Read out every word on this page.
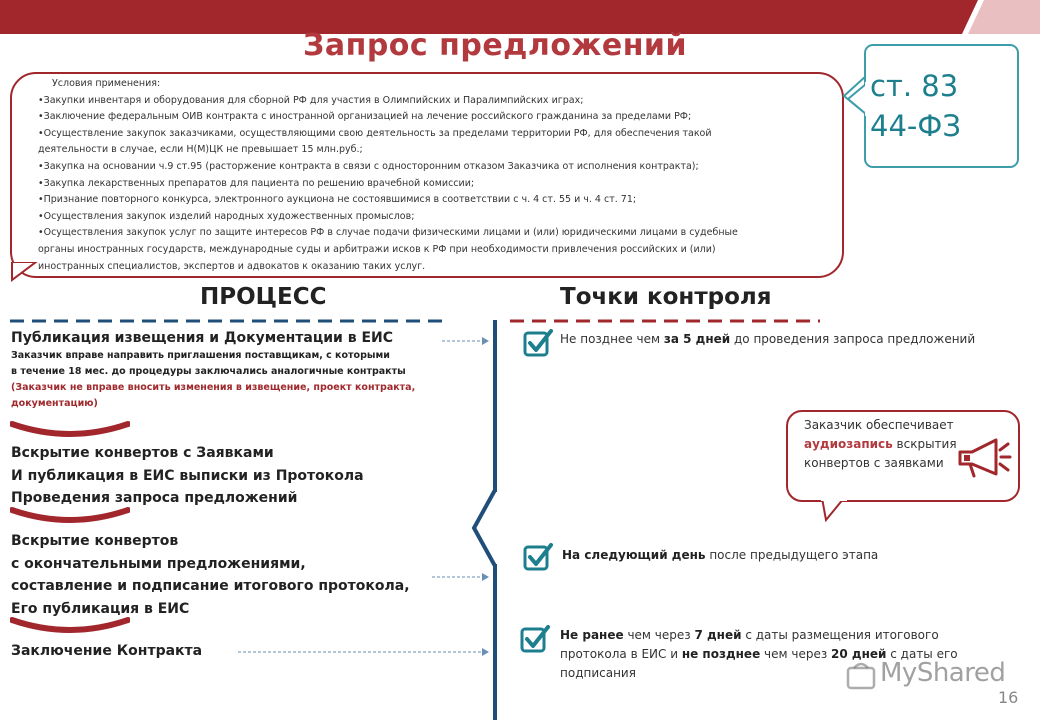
Запрос предложений
Условия применения:
•Закупки инвентаря и оборудования для сборной РФ для участия в Олимпийских и Паралимпийских играх;
•Заключение федеральным ОИВ контракта с иностранной организацией на лечение российского гражданина за пределами РФ;
•Осуществление закупок заказчиками, осуществляющими свою деятельность за пределами территории РФ, для обеспечения такой
деятельности в случае, если Н(М)ЦК не превышает 15 млн.руб.;
•Закупка на основании ч.9 ст.95 (расторжение контракта в связи с односторонним отказом Заказчика от исполнения контракта);
•Закупка лекарственных препаратов для пациента по решению врачебной комиссии;
•Признание повторного конкурса, электронного аукциона не состоявшимися в соответствии с ч. 4 ст. 55 и ч. 4 ст. 71;
•Осуществления закупок изделий народных художественных промыслов;
•Осуществления закупок услуг по защите интересов РФ в случае подачи физическими лицами и (или) юридическими лицами в судебные
органы иностранных государств, международные суды и арбитражи исков к РФ при необходимости привлечения российских и (или)
иностранных специалистов, экспертов и адвокатов к оказанию таких услуг.
ст. 83
44-ФЗ
ПРОЦЕСС	Точки контроля
Публикация извещения и Документации в ЕИС
Заказчик вправе направить приглашения поставщикам, с которыми
в течение 18 мес. до процедуры заключались аналогичные контракты
(Заказчик не вправе вносить изменения в извещение, проект контракта,
документацию)
Вскрытие конвертов с Заявками
И публикация в ЕИС выписки из Протокола
Проведения запроса предложений
Вскрытие конвертов
с окончательными предложениями,
составление и подписание итогового протокола,
Его публикация в ЕИС
Заключение Контракта
Не позднее чем за 5 дней до проведения запроса предложений
На следующий день после предыдущего этапа
Не ранее чем через 7 дней с даты размещения итогового
протокола в ЕИС и не позднее чем через 20 дней с даты его
подписания
Заказчик обеспечивает
аудиозапись вскрытия
конвертов с заявками
MyShared
16
